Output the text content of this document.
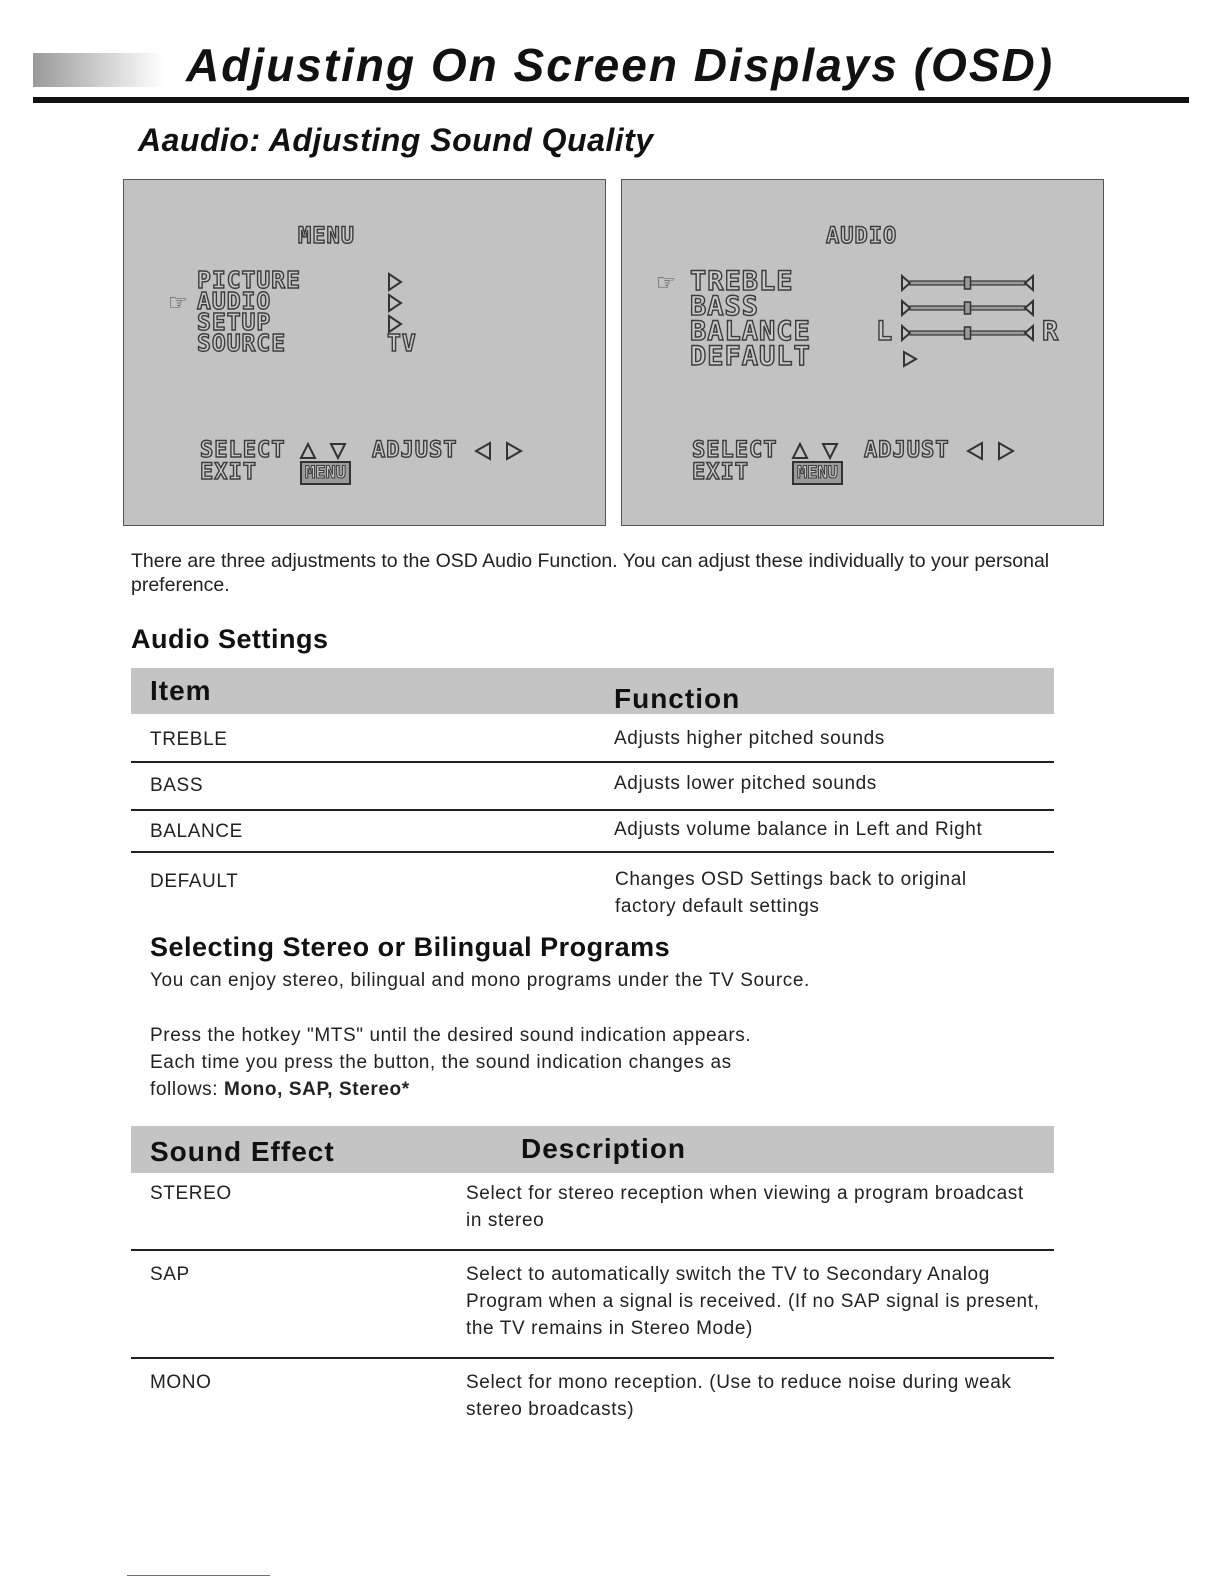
Adjusting On Screen Displays (OSD)
Aaudio: Adjusting Sound Quality
MENU
☞
PICTURE
AUDIO
SETUP
SOURCE	TV
SELECT	ADJUST
EXIT	MENU
AUDIO
☞ TREBLE
BASS
BALANCE
DEFAULT
L	R
SELECT	ADJUST
EXIT	MENU
There are three adjustments to the OSD Audio Function. You can adjust these individually to your personal preference.
Audio Settings
Item	Function
TREBLE	Adjusts higher pitched sounds
BASS	Adjusts lower pitched sounds
BALANCE	Adjusts volume balance in Left and Right
DEFAULT	Changes OSD Settings back to original factory default settings
Selecting Stereo or Bilingual Programs
You can enjoy stereo, bilingual and mono programs under the TV Source.
Press the hotkey "MTS" until the desired sound indication appears.
Each time you press the button, the sound indication changes as
follows: Mono, SAP, Stereo*
Sound Effect	Description
STEREO	Select for stereo reception when viewing a program broadcast in stereo
SAP	Select to automatically switch the TV to Secondary Analog Program when a signal is received. (If no SAP signal is present, the TV remains in Stereo Mode)
MONO	Select for mono reception. (Use to reduce noise during weak stereo broadcasts)
